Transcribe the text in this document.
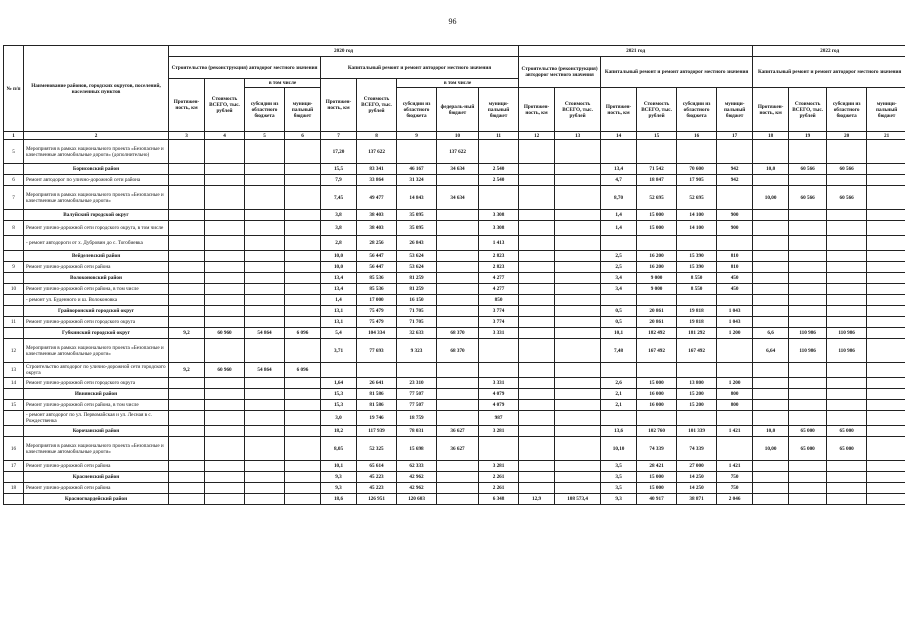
96
№ п/п	Наименование районов, городских округов, поселений, населенных пунктов	2020 год									2021 год						2022 год				
		Строительство (реконструкция) автодорог местного значения				Капитальный ремонт и ремонт автодорог местного значения					Строительство (реконструкция) автодорог местного значения		Капитальный ремонт и ремонт автодорог местного значения				Капитальный ремонт и ремонт автодорог местного значения				
		Протяжен-ность, км	Стоимость ВСЕГО, тыс. рублей	в том числе		Протяжен-ность, км	Стоимость ВСЕГО, тыс. рублей	в том числе													
				субсидии из областного бюджета	муници-пальный бюджет			субсидии из областного бюджета	федераль-ный бюджет	муници-пальный бюджет	Протяжен-ность, км	Стоимость ВСЕГО, тыс. рублей	Протяжен-ность, км	Стоимость ВСЕГО, тыс. рублей	субсидии из областного бюджета	муници-пальный бюджет	Протяжен-ность, км	Стоимость ВСЕГО, тыс. рублей	субсидии из областного бюджета	муници-пальный бюджет	
1	2	3	4	5	6	7	8	9	10	11	12	13	14	15	16	17	18	19	20	21	
5	Мероприятия в рамках национального проекта «Безопасные и качественные автомобильные дороги» (дополнительно)					17,20	137 622		137 622												
	Борисовский район					15,5	83 341	46 167	34 634	2 540			13,4	71 542	70 600	942	10,0	60 566	60 566		
6	Ремонт автодорог по улично-дорожной сети района					7,9	33 864	31 324		2 540			4,7	18 847	17 905	942					
7	Мероприятия в рамках национального проекта «Безопасные и качественные автомобильные дороги»					7,45	49 477	14 843	34 634				8,70	52 695	52 695		10,00	60 566	60 566		
	Валуйский городской округ					3,8	38 403	35 095		3 308			1,4	15 000	14 100	900					
8	Ремонт улично-дорожной сети городского округа, в том числе					3,8	38 403	35 095		3 308			1,4	15 000	14 100	900					
	- ремонт автодороги от х. Дубровин до с. Тогобиевка					2,8	28 256	26 843		1 413											
	Вейделевский район					10,0	56 447	53 624		2 823			2,5	16 200	15 390	810					
9	Ремонт улично-дорожной сети района					10,0	56 447	53 624		2 823			2,5	16 200	15 390	810					
	Волоконовский район					13,4	85 536	81 259		4 277			3,4	9 000	8 550	450					
10	Ремонт улично-дорожной сети района, в том числе					13,4	85 536	81 259		4 277			3,4	9 000	8 550	450					
	- ремонт ул. Буденного и ш. Волоконовка					1,4	17 000	16 150		850											
	Грайворонский городской округ					13,1	75 479	71 705		3 774			0,5	20 861	19 818	1 043					
11	Ремонт улично-дорожной сети городского округа					13,1	75 479	71 705		3 774			0,5	20 861	19 818	1 043					
	Губкинский городской округ	9,2	60 960	54 864	6 096	5,4	104 334	32 633	68 370	3 331			10,1	182 492	181 292	1 200	6,6	110 986	110 986		
12	Мероприятия в рамках национального проекта «Безопасные и качественные автомобильные дороги»					3,71	77 693	9 323	68 370				7,48	167 492	167 492		6,64	110 986	110 986		
13	Строительство автодорог по улично-дорожной сети городского округа	9,2	60 960	54 864	6 096																
14	Ремонт улично-дорожной сети городского округа					1,64	26 641	23 310		3 331			2,6	15 000	13 800	1 200					
	Ивнянский район					15,3	81 586	77 507		4 079			2,1	16 000	15 200	800					
15	Ремонт улично-дорожной сети района, в том числе					15,3	81 586	77 507		4 079			2,1	16 000	15 200	800					
	- ремонт автодорог по ул. Первомайская и ул. Лесная в с. Рождественка					3,0	19 746	18 759		987											
	Корочанский район					18,2	117 939	78 031	36 627	3 281			13,6	102 760	101 339	1 421	10,0	65 000	65 000		
16	Мероприятия в рамках национального проекта «Безопасные и качественные автомобильные дороги»					8,05	52 325	15 698	36 627				10,10	74 339	74 339		10,00	65 000	65 000		
17	Ремонт улично-дорожной сети района					10,1	65 614	62 333		3 281			3,5	28 421	27 000	1 421					
	Красненский район					9,3	45 223	42 962		2 261			3,5	15 000	14 250	750					
18	Ремонт улично-дорожной сети района					9,3	45 223	42 962		2 261			3,5	15 000	14 250	750					
	Красногвардейский район					18,6	126 951	120 603		6 348	12,9	108 573,4	9,3	40 917	38 871	2 046					
